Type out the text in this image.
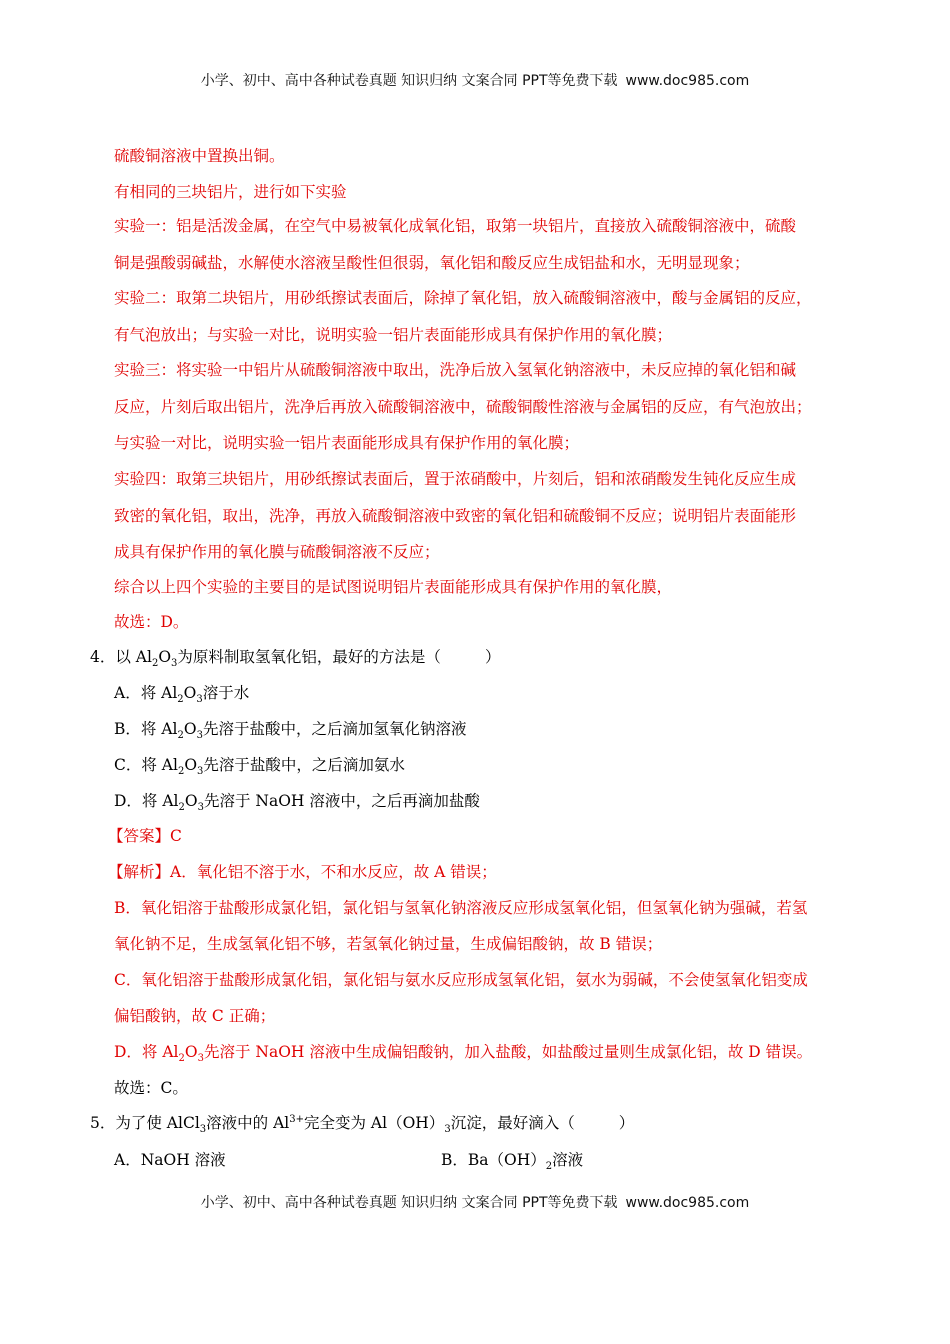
小学、初中、高中各种试卷真题 知识归纳 文案合同 PPT等免费下载 www.doc985.com
硫酸铜溶液中置换出铜。
有相同的三块铝片，进行如下实验
实验一：铝是活泼金属，在空气中易被氧化成氧化铝，取第一块铝片，直接放入硫酸铜溶液中，硫酸
铜是强酸弱碱盐，水解使水溶液呈酸性但很弱，氧化铝和酸反应生成铝盐和水，无明显现象；
实验二：取第二块铝片，用砂纸擦试表面后，除掉了氧化铝，放入硫酸铜溶液中，酸与金属铝的反应，
有气泡放出；与实验一对比，说明实验一铝片表面能形成具有保护作用的氧化膜；
实验三：将实验一中铝片从硫酸铜溶液中取出，洗净后放入氢氧化钠溶液中，未反应掉的氧化铝和碱
反应，片刻后取出铝片，洗净后再放入硫酸铜溶液中，硫酸铜酸性溶液与金属铝的反应，有气泡放出；
与实验一对比，说明实验一铝片表面能形成具有保护作用的氧化膜；
实验四：取第三块铝片，用砂纸擦试表面后，置于浓硝酸中，片刻后，铝和浓硝酸发生钝化反应生成
致密的氧化铝，取出，洗净，再放入硫酸铜溶液中致密的氧化铝和硫酸铜不反应；说明铝片表面能形
成具有保护作用的氧化膜与硫酸铜溶液不反应；
综合以上四个实验的主要目的是试图说明铝片表面能形成具有保护作用的氧化膜，
故选：D。
4．以 $Al_2O_3$为原料制取氢氧化铝，最好的方法是（	）
A．将 $Al_2O_3$溶于水
B．将 $Al_2O_3$先溶于盐酸中，之后滴加氢氧化钠溶液
C．将 $Al_2O_3$先溶于盐酸中，之后滴加氨水
D．将 $Al_2O_3$先溶于 NaOH 溶液中，之后再滴加盐酸
【答案】C
【解析】A．氧化铝不溶于水，不和水反应，故 A 错误；
B．氧化铝溶于盐酸形成氯化铝，氯化铝与氢氧化钠溶液反应形成氢氧化铝，但氢氧化钠为强碱，若氢
氧化钠不足，生成氢氧化铝不够，若氢氧化钠过量，生成偏铝酸钠，故 B 错误；
C．氧化铝溶于盐酸形成氯化铝，氯化铝与氨水反应形成氢氧化铝，氨水为弱碱，不会使氢氧化铝变成
偏铝酸钠，故 C 正确；
D．将 $Al_2O_3$先溶于 NaOH 溶液中生成偏铝酸钠，加入盐酸，如盐酸过量则生成氯化铝，故 D 错误。
故选：C。
5．为了使 AlCl$_3$溶液中的 $Al^{3+}$完全变为 $Al(OH)_3$沉淀，最好滴入（	）
A．NaOH 溶液	B．$Ba(OH)_2$溶液
小学、初中、高中各种试卷真题 知识归纳 文案合同 PPT等免费下载 www.doc985.com
